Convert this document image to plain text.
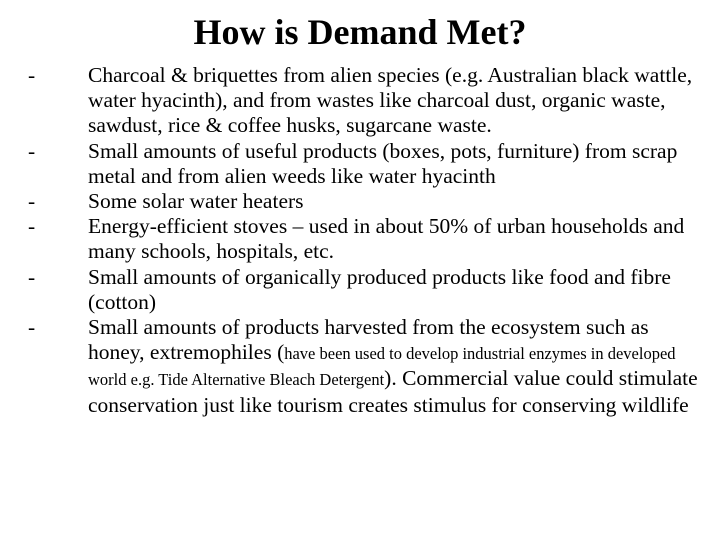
How is Demand Met?
-	Charcoal & briquettes from alien species (e.g. Australian black wattle, water hyacinth), and from wastes like charcoal dust, organic waste, sawdust, rice & coffee husks, sugarcane waste.
-	Small amounts of useful products (boxes, pots, furniture) from scrap metal and from alien weeds like water hyacinth
-	Some solar water heaters
-	Energy-efficient stoves – used in about 50% of urban households and many schools, hospitals, etc.
-	Small amounts of organically produced products like food and fibre (cotton)
-	Small amounts of products harvested from the ecosystem such as honey, extremophiles (have been used to develop industrial enzymes in developed world e.g. Tide Alternative Bleach Detergent). Commercial value could stimulate conservation just like tourism creates stimulus for conserving wildlife
